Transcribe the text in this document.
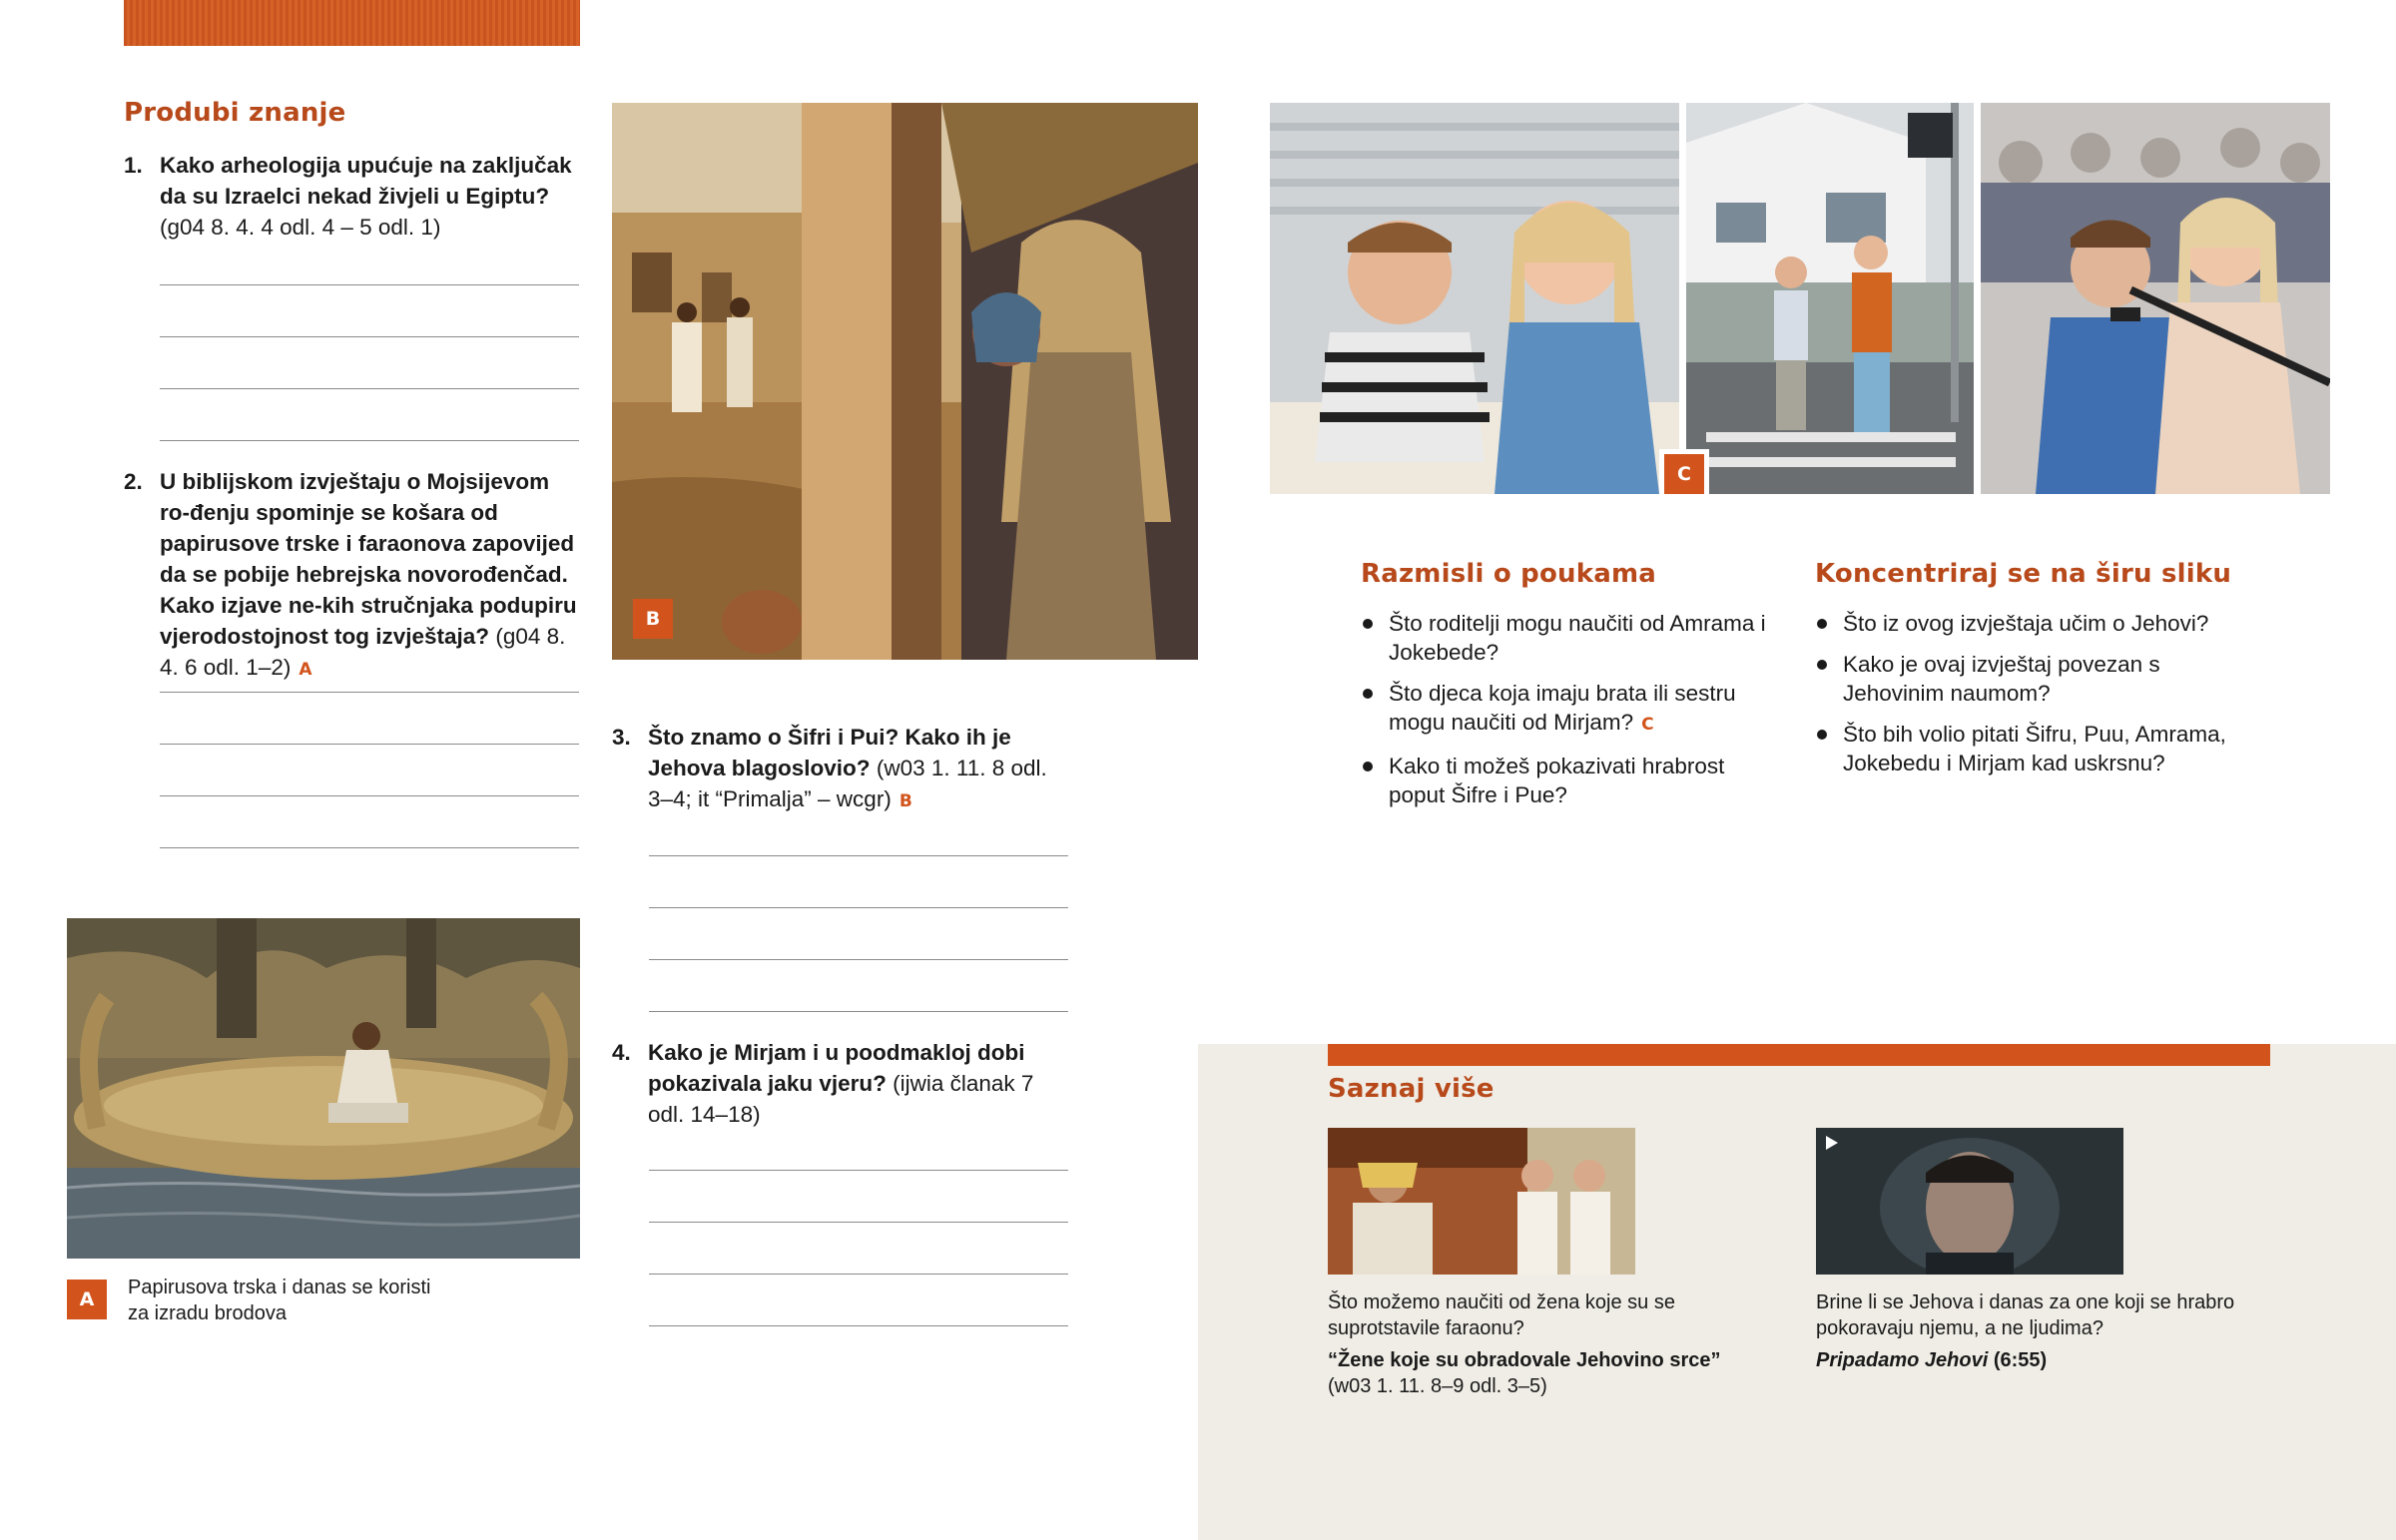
Produbi znanje
1. Kako arheologija upućuje na zaključak da su Izraelci nekad živjeli u Egiptu? (g04 8. 4. 4 odl. 4 – 5 odl. 1)
2. U biblijskom izvještaju o Mojsijevom ro-đenju spominje se košara od papirusove trske i faraonova zapovijed da se pobije hebrejska novorođenčad. Kako izjave ne-kih stručnjaka podupiru vjerodostojnost tog izvještaja? (g04 8. 4. 6 odl. 1–2) A
A
Papirusova trska i danas se koristi
za izradu brodova
B
3. Što znamo o Šifri i Pui? Kako ih je Jehova blagoslovio? (w03 1. 11. 8 odl. 3–4; it “Primalja” – wcgr) B
4. Kako je Mirjam i u poodmakloj dobi pokazivala jaku vjeru? (ijwia članak 7 odl. 14–18)
C
Razmisli o poukama
Što roditelji mogu naučiti od Amrama i Jokebede?
Što djeca koja imaju brata ili sestru mogu naučiti od Mirjam? C
Kako ti možeš pokazivati hrabrost poput Šifre i Pue?
Koncentriraj se na širu sliku
Što iz ovog izvještaja učim o Jehovi?
Kako je ovaj izvještaj povezan s Jehovinim naumom?
Što bih volio pitati Šifru, Puu, Amrama, Jokebedu i Mirjam kad uskrsnu?
Saznaj više
Što možemo naučiti od žena koje su se
suprotstavile faraonu?
“Žene koje su obradovale Jehovino srce”
(w03 1. 11. 8–9 odl. 3–5)
Brine li se Jehova i danas za one koji se hrabro
pokoravaju njemu, a ne ljudima?
Pripadamo Jehovi (6:55)
